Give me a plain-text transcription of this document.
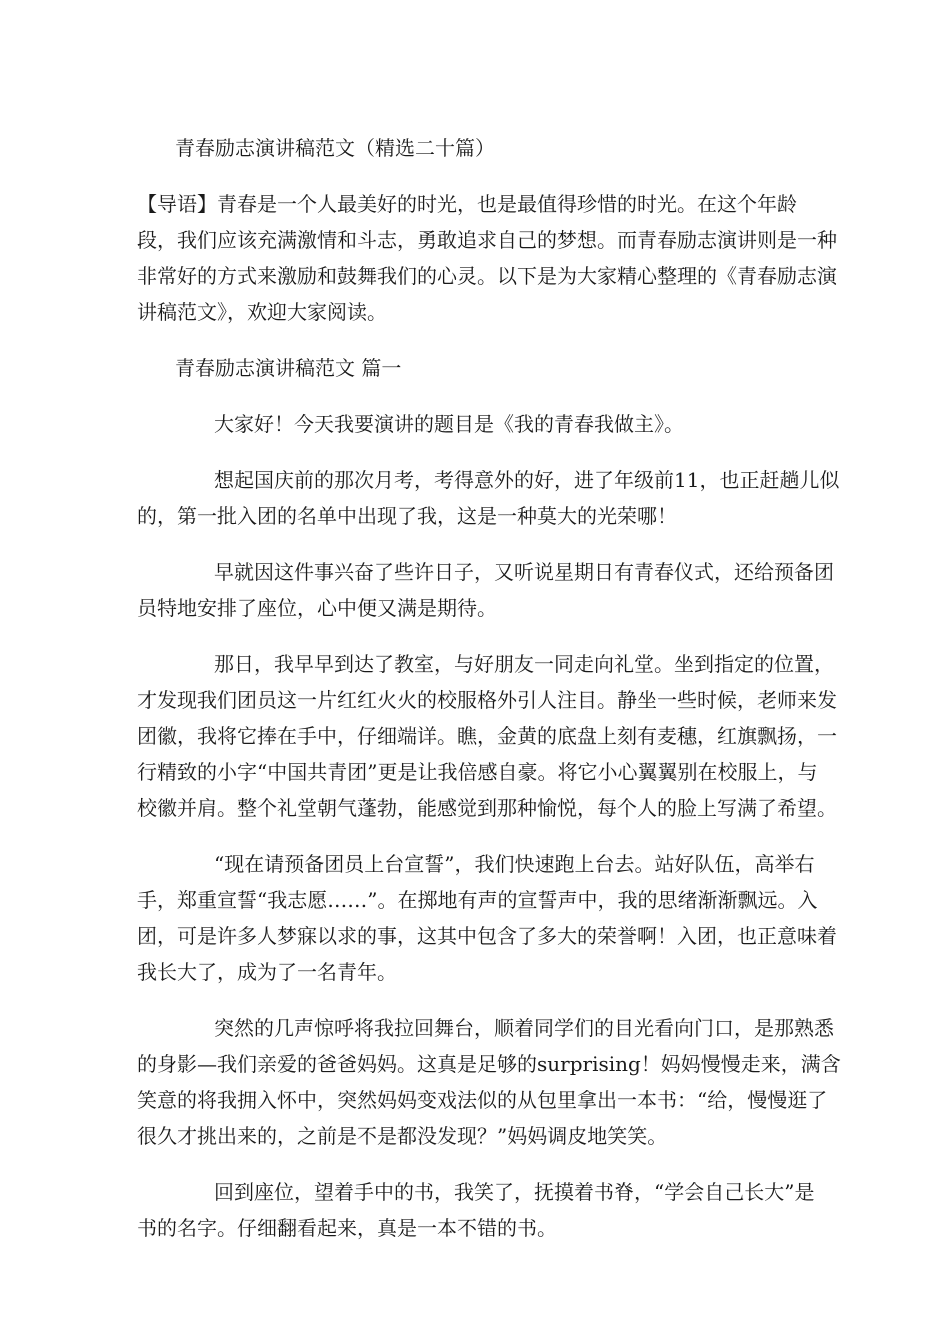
青春励志演讲稿范文（精选二十篇）
【导语】青春是一个人最美好的时光，也是最值得珍惜的时光。在这个年龄
段，我们应该充满激情和斗志，勇敢追求自己的梦想。而青春励志演讲则是一种
非常好的方式来激励和鼓舞我们的心灵。以下是为大家精心整理的《青春励志演
讲稿范文》，欢迎大家阅读。
青春励志演讲稿范文 篇一
大家好！今天我要演讲的题目是《我的青春我做主》。
想起国庆前的那次月考，考得意外的好，进了年级前11，也正赶趟儿似
的，第一批入团的名单中出现了我，这是一种莫大的光荣哪！
早就因这件事兴奋了些许日子，又听说星期日有青春仪式，还给预备团
员特地安排了座位，心中便又满是期待。
那日，我早早到达了教室，与好朋友一同走向礼堂。坐到指定的位置，
才发现我们团员这一片红红火火的校服格外引人注目。静坐一些时候，老师来发
团徽，我将它捧在手中，仔细端详。瞧，金黄的底盘上刻有麦穗，红旗飘扬，一
行精致的小字“中国共青团”更是让我倍感自豪。将它小心翼翼别在校服上，与
校徽并肩。整个礼堂朝气蓬勃，能感觉到那种愉悦，每个人的脸上写满了希望。
“现在请预备团员上台宣誓”，我们快速跑上台去。站好队伍，高举右
手，郑重宣誓“我志愿……”。在掷地有声的宣誓声中，我的思绪渐渐飘远。入
团，可是许多人梦寐以求的事，这其中包含了多大的荣誉啊！入团，也正意味着
我长大了，成为了一名青年。
突然的几声惊呼将我拉回舞台，顺着同学们的目光看向门口，是那熟悉
的身影—我们亲爱的爸爸妈妈。这真是足够的surprising！妈妈慢慢走来，满含
笑意的将我拥入怀中，突然妈妈变戏法似的从包里拿出一本书：“给，慢慢逛了
很久才挑出来的，之前是不是都没发现？”妈妈调皮地笑笑。
回到座位，望着手中的书，我笑了，抚摸着书脊，“学会自己长大”是
书的名字。仔细翻看起来，真是一本不错的书。
